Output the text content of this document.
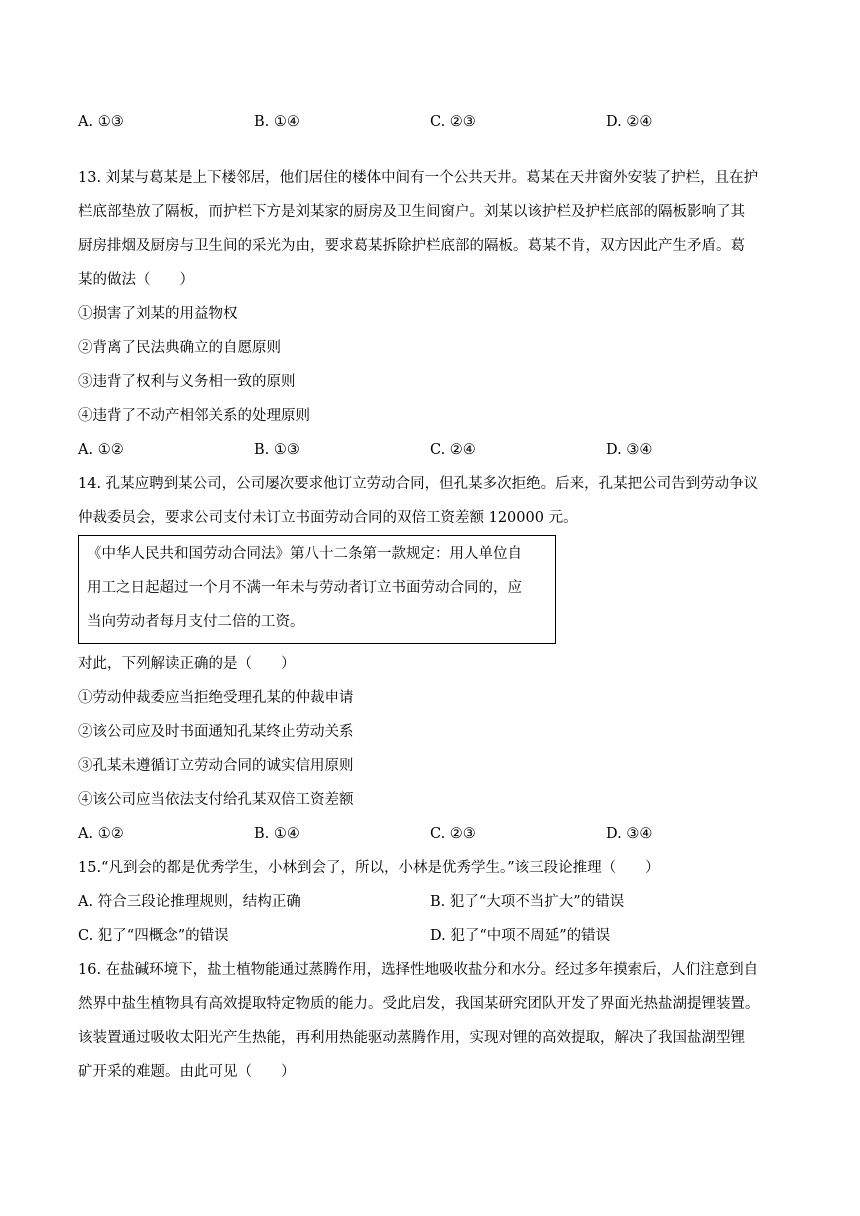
A. ①③	B. ①④	C. ②③	D. ②④
13. 刘某与葛某是上下楼邻居，他们居住的楼体中间有一个公共天井。葛某在天井窗外安装了护栏，且在护
栏底部垫放了隔板，而护栏下方是刘某家的厨房及卫生间窗户。刘某以该护栏及护栏底部的隔板影响了其
厨房排烟及厨房与卫生间的采光为由，要求葛某拆除护栏底部的隔板。葛某不肯，双方因此产生矛盾。葛
某的做法（　　）
①损害了刘某的用益物权
②背离了民法典确立的自愿原则
③违背了权利与义务相一致的原则
④违背了不动产相邻关系的处理原则
A. ①②	B. ①③	C. ②④	D. ③④
14. 孔某应聘到某公司，公司屡次要求他订立劳动合同，但孔某多次拒绝。后来，孔某把公司告到劳动争议
仲裁委员会，要求公司支付未订立书面劳动合同的双倍工资差额 120000 元。
《中华人民共和国劳动合同法》第八十二条第一款规定：用人单位自
用工之日起超过一个月不满一年未与劳动者订立书面劳动合同的，应
当向劳动者每月支付二倍的工资。
对此，下列解读正确的是（　　）
①劳动仲裁委应当拒绝受理孔某的仲裁申请
②该公司应及时书面通知孔某终止劳动关系
③孔某未遵循订立劳动合同的诚实信用原则
④该公司应当依法支付给孔某双倍工资差额
A. ①②	B. ①④	C. ②③	D. ③④
15.“凡到会的都是优秀学生，小林到会了，所以，小林是优秀学生。”该三段论推理（　　）
A. 符合三段论推理规则，结构正确	B. 犯了“大项不当扩大”的错误
C. 犯了“四概念”的错误	D. 犯了“中项不周延”的错误
16. 在盐碱环境下，盐土植物能通过蒸腾作用，选择性地吸收盐分和水分。经过多年摸索后，人们注意到自
然界中盐生植物具有高效提取特定物质的能力。受此启发，我国某研究团队开发了界面光热盐湖提锂装置。
该装置通过吸收太阳光产生热能，再利用热能驱动蒸腾作用，实现对锂的高效提取，解决了我国盐湖型锂
矿开采的难题。由此可见（　　）
